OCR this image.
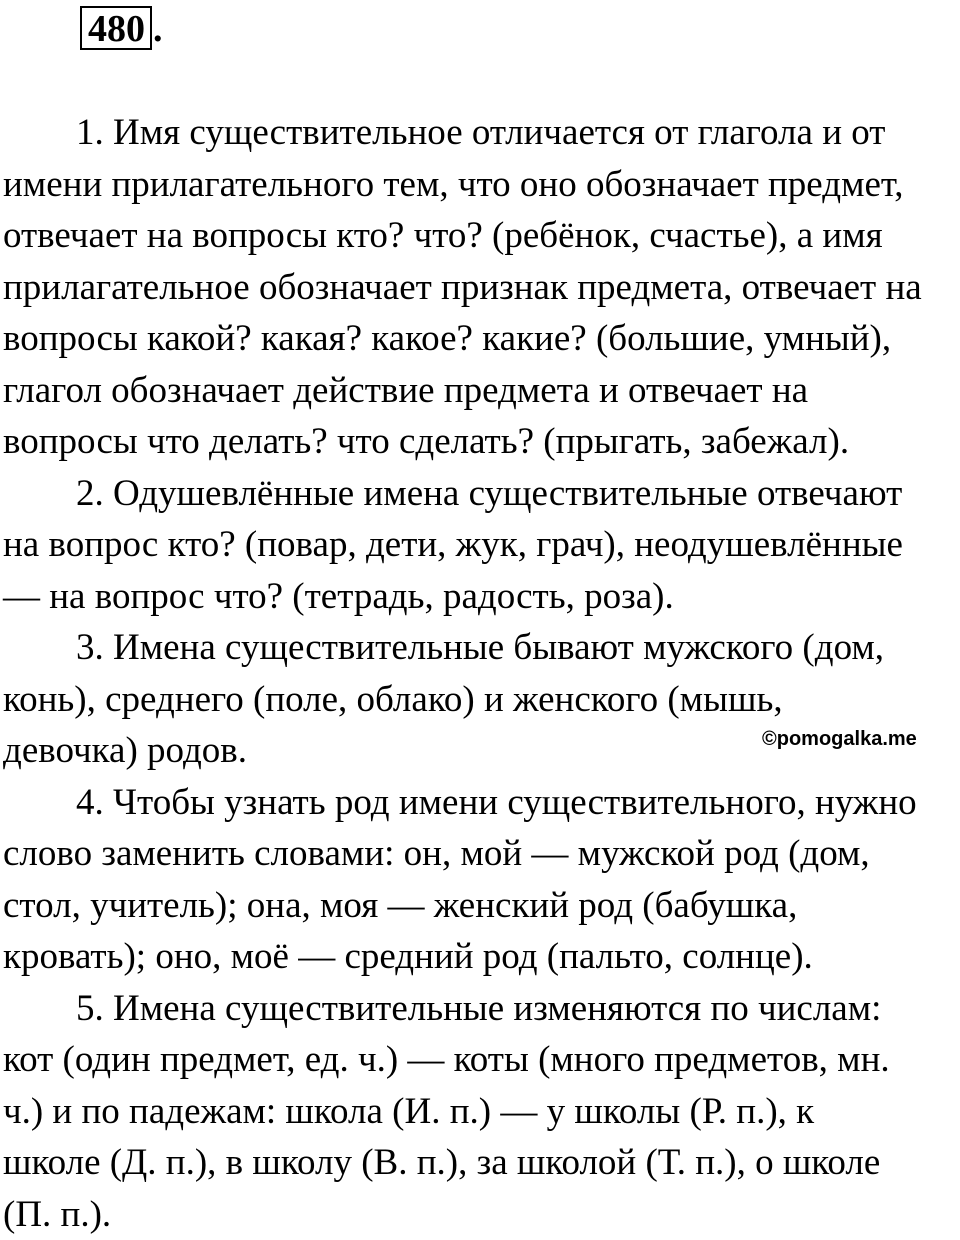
480 .
1. Имя существительное отличается от глагола и от
имени прилагательного тем, что оно обозначает предмет,
отвечает на вопросы кто? что? (ребёнок, счастье), а имя
прилагательное обозначает признак предмета, отвечает на
вопросы какой? какая? какое? какие? (большие, умный),
глагол обозначает действие предмета и отвечает на
вопросы что делать? что сделать? (прыгать, забежал).
2. Одушевлённые имена существительные отвечают
на вопрос кто? (повар, дети, жук, грач), неодушевлённые
— на вопрос что? (тетрадь, радость, роза).
3. Имена существительные бывают мужского (дом,
конь), среднего (поле, облако) и женского (мышь,
девочка) родов.
4. Чтобы узнать род имени существительного, нужно
слово заменить словами: он, мой — мужской род (дом,
стол, учитель); она, моя — женский род (бабушка,
кровать); оно, моё — средний род (пальто, солнце).
5. Имена существительные изменяются по числам:
кот (один предмет, ед. ч.) — коты (много предметов, мн.
ч.) и по падежам: школа (И. п.) — у школы (Р. п.), к
школе (Д. п.), в школу (В. п.), за школой (Т. п.), о школе
(П. п.).
©pomogalka.me
